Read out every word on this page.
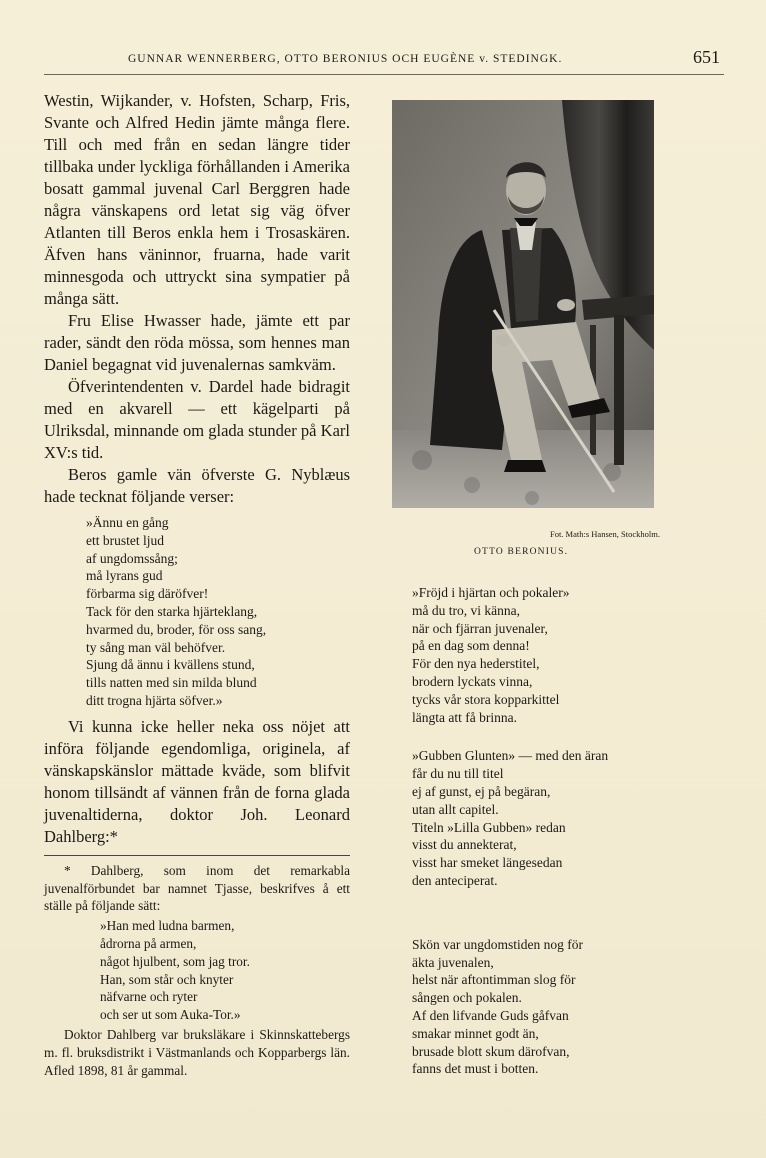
GUNNAR WENNERBERG, OTTO BERONIUS OCH EUGÈNE v. STEDINGK.	651

Westin, Wijkander, v. Hofsten, Scharp, Fris, Svante och Alfred Hedin jämte många flere. Till och med från en sedan längre tider tillbaka under lyckliga förhållanden i Amerika bosatt gammal juvenal Carl Berggren hade några vänskapens ord letat sig väg öfver Atlanten till Beros enkla hem i Trosaskären. Äfven hans väninnor, fruarna, hade varit minnesgoda och uttryckt sina sympatier på många sätt.

Fru Elise Hwasser hade, jämte ett par rader, sändt den röda mössa, som hennes man Daniel begagnat vid juvenalernas samkväm.

Öfverintendenten v. Dardel hade bidragit med en akvarell — ett kägelparti på Ulriksdal, minnande om glada stunder på Karl XV:s tid.

Beros gamle vän öfverste G. Nyblæus hade tecknat följande verser:

»Ännu en gång
ett brustet ljud
af ungdomssång;
må lyrans gud
förbarma sig däröfver!
Tack för den starka hjärteklang,
hvarmed du, broder, för oss sang,
ty sång man väl behöfver.
Sjung då ännu i kvällens stund,
tills natten med sin milda blund
ditt trogna hjärta söfver.»

Vi kunna icke heller neka oss nöjet att införa följande egendomliga, originela, af vänskapskänslor mättade kväde, som blifvit honom tillsändt af vännen från de forna glada juvenaltiderna, doktor Joh. Leonard Dahlberg:*

* Dahlberg, som inom det remarkabla juvenalförbundet bar namnet Tjasse, beskrifves å ett ställe på följande sätt:

»Han med ludna barmen,
ådrorna på armen,
något hjulbent, som jag tror.
Han, som står och knyter
näfvarne och ryter
och ser ut som Auka-Tor.»

Doktor Dahlberg var bruksläkare i Skinnskattebergs m. fl. bruksdistrikt i Västmanlands och Kopparbergs län. Afled 1898, 81 år gammal.

Fot. Math:s Hansen, Stockholm.
OTTO BERONIUS.
»Fröjd i hjärtan och pokaler»
må du tro, vi känna,
när och fjärran juvenaler,
på en dag som denna!
För den nya hederstitel,
brodern lyckats vinna,
tycks vår stora kopparkittel
längta att få brinna.
»Gubben Glunten» — med den äran
får du nu till titel
ej af gunst, ej på begäran,
utan allt capitel.
Titeln »Lilla Gubben» redan
visst du annekterat,
visst har smeket längesedan
den anteciperat.
Skön var ungdomstiden nog för
äkta juvenalen,
helst när aftontimman slog för
sången och pokalen.
Af den lifvande Guds gåfvan
smakar minnet godt än,
brusade blott skum därofvan,
fanns det must i botten.
